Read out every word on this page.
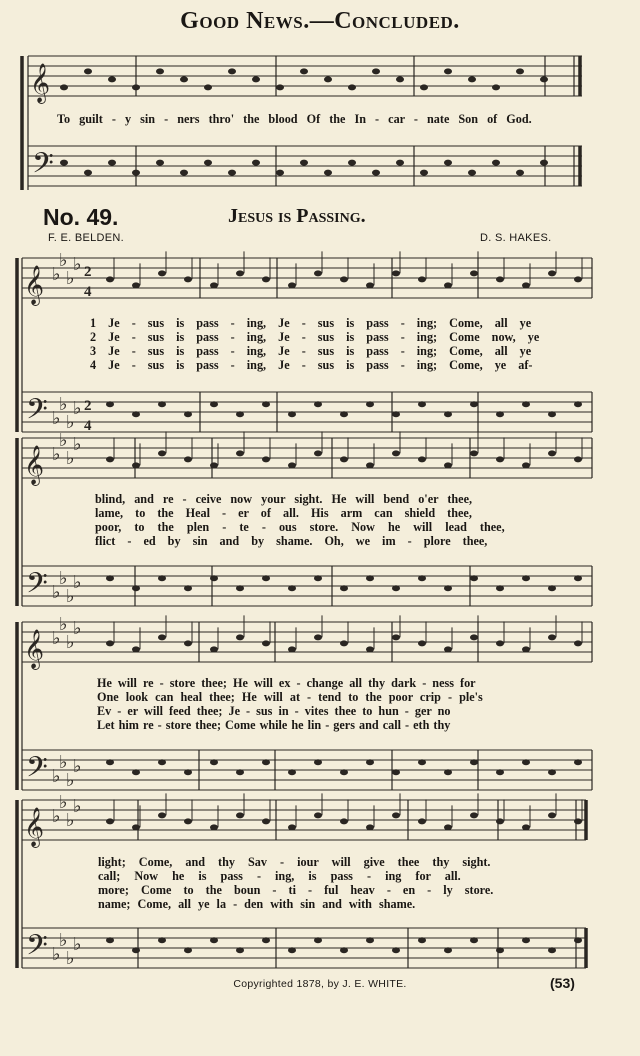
Good News.—Concluded.
𝄞
𝄢
To guilt - y sin - ners thro' the blood Of the In - car - nate Son of God.
No. 49.	Jesus is Passing.
F. E. BELDEN.	D. S. HAKES.
𝄞
𝄢
♭
♭
♭
♭
♭
♭
♭
♭
2
4
2
4
𝄞
𝄢
♭
♭
♭
♭
♭
♭
♭
♭
𝄞
𝄢
♭
♭
♭
♭
♭
♭
♭
♭
𝄞
𝄢
♭
♭
♭
♭
♭
♭
♭
♭
1 Je - sus is pass - ing, Je - sus is pass - ing; Come, all ye
2 Je - sus is pass - ing, Je - sus is pass - ing; Come now, ye
3 Je - sus is pass - ing, Je - sus is pass - ing; Come, all ye
4 Je - sus is pass - ing, Je - sus is pass - ing; Come, ye af-
blind, and re - ceive now your sight. He will bend o'er thee,
lame, to the Heal - er of all. His arm can shield thee,
poor, to the plen - te - ous store. Now he will lead thee,
flict - ed by sin and by shame. Oh, we im - plore thee,
He will re - store thee; He will ex - change all thy dark - ness for
One look can heal thee; He will at - tend to the poor crip - ple's
Ev - er will feed thee; Je - sus in - vites thee to hun - ger no
Let him re - store thee; Come while he lin - gers and call - eth thy
light; Come, and thy Sav - iour will give thee thy sight.
call; Now he is pass - ing, is pass - ing for all.
more; Come to the boun - ti - ful heav - en - ly store.
name; Come, all ye la - den with sin and with shame.
Copyrighted 1878, by J. E. WHITE.	(53)
